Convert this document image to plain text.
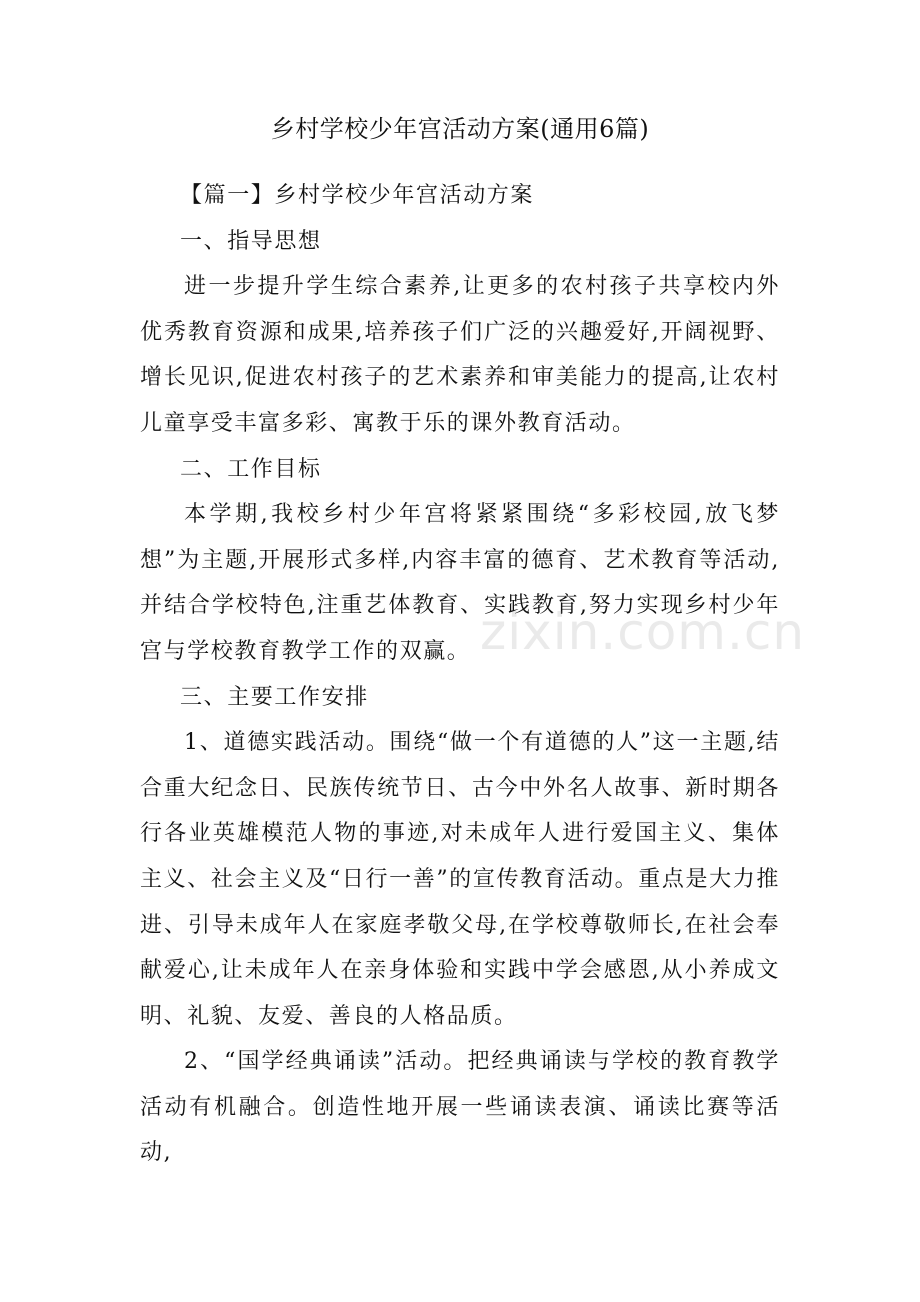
乡村学校少年宫活动方案(通用6篇)

【篇一】乡村学校少年宫活动方案

一、指导思想

进一步提升学生综合素养,让更多的农村孩子共享校内外优秀教育资源和成果,培养孩子们广泛的兴趣爱好,开阔视野、增长见识,促进农村孩子的艺术素养和审美能力的提高,让农村儿童享受丰富多彩、寓教于乐的课外教育活动。

二、工作目标

本学期,我校乡村少年宫将紧紧围绕“多彩校园,放飞梦想”为主题,开展形式多样,内容丰富的德育、艺术教育等活动,并结合学校特色,注重艺体教育、实践教育,努力实现乡村少年宫与学校教育教学工作的双赢。

三、主要工作安排

1、道德实践活动。围绕“做一个有道德的人”这一主题,结合重大纪念日、民族传统节日、古今中外名人故事、新时期各行各业英雄模范人物的事迹,对未成年人进行爱国主义、集体主义、社会主义及“日行一善”的宣传教育活动。重点是大力推进、引导未成年人在家庭孝敬父母,在学校尊敬师长,在社会奉献爱心,让未成年人在亲身体验和实践中学会感恩,从小养成文明、礼貌、友爱、善良的人格品质。

2、“国学经典诵读”活动。把经典诵读与学校的教育教学活动有机融合。创造性地开展一些诵读表演、诵读比赛等活动,

zixin.com.cn
